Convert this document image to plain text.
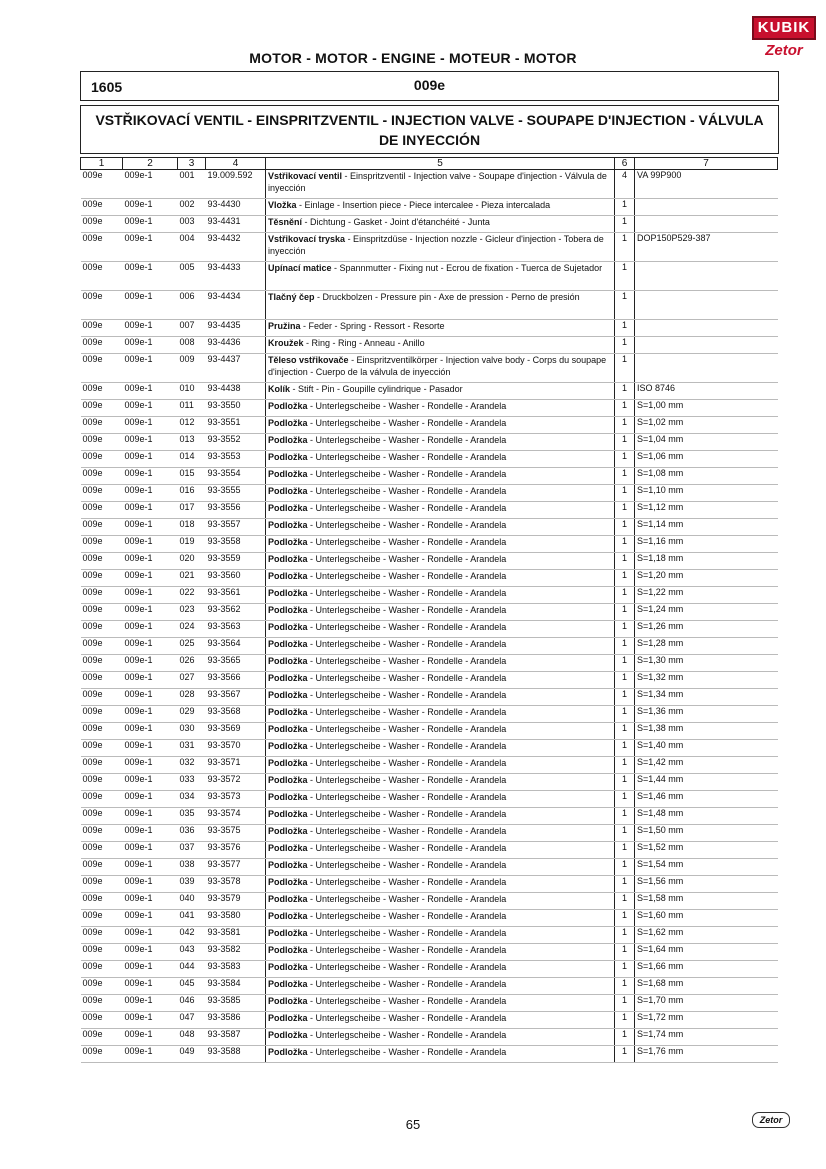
KUBIK
Zetor
MOTOR - MOTOR - ENGINE - MOTEUR - MOTOR
009e
1605
VSTŘIKOVACÍ VENTIL - EINSPRITZVENTIL - INJECTION VALVE - SOUPAPE D'INJECTION - VÁLVULA DE INYECCIÓN
1	2	3	4	5	6	7
009e	009e-1	001	19.009.592	Vstřikovací ventil - Einspritzventil - Injection valve - Soupape d'injection - Válvula de inyección	4	VA 99P900
009e	009e-1	002	93-4430	Vložka - Einlage - Insertion piece - Piece intercalee - Pieza intercalada	1	
009e	009e-1	003	93-4431	Těsnění - Dichtung - Gasket - Joint d'étanchéité - Junta	1	
009e	009e-1	004	93-4432	Vstřikovací tryska - Einspritzdüse - Injection nozzle - Gicleur d'injection - Tobera de inyección	1	DOP150P529-387
009e	009e-1	005	93-4433	Upínací matice - Spannmutter - Fixing nut - Ecrou de fixation - Tuerca de Sujetador	1	
009e	009e-1	006	93-4434	Tlačný čep - Druckbolzen - Pressure pin - Axe de pression - Perno de presión	1	
009e	009e-1	007	93-4435	Pružina - Feder - Spring - Ressort - Resorte	1	
009e	009e-1	008	93-4436	Kroužek - Ring - Ring - Anneau - Anillo	1	
009e	009e-1	009	93-4437	Těleso vstřikovače - Einspritzventilkörper - Injection valve body - Corps du soupape d'injection - Cuerpo de la válvula de inyección	1	
009e	009e-1	010	93-4438	Kolík - Stift - Pin - Goupille cylindrique - Pasador	1	ISO 8746
009e	009e-1	011	93-3550	Podložka - Unterlegscheibe - Washer - Rondelle - Arandela	1	S=1,00 mm
009e	009e-1	012	93-3551	Podložka - Unterlegscheibe - Washer - Rondelle - Arandela	1	S=1,02 mm
009e	009e-1	013	93-3552	Podložka - Unterlegscheibe - Washer - Rondelle - Arandela	1	S=1,04 mm
009e	009e-1	014	93-3553	Podložka - Unterlegscheibe - Washer - Rondelle - Arandela	1	S=1,06 mm
009e	009e-1	015	93-3554	Podložka - Unterlegscheibe - Washer - Rondelle - Arandela	1	S=1,08 mm
009e	009e-1	016	93-3555	Podložka - Unterlegscheibe - Washer - Rondelle - Arandela	1	S=1,10 mm
009e	009e-1	017	93-3556	Podložka - Unterlegscheibe - Washer - Rondelle - Arandela	1	S=1,12 mm
009e	009e-1	018	93-3557	Podložka - Unterlegscheibe - Washer - Rondelle - Arandela	1	S=1,14 mm
009e	009e-1	019	93-3558	Podložka - Unterlegscheibe - Washer - Rondelle - Arandela	1	S=1,16 mm
009e	009e-1	020	93-3559	Podložka - Unterlegscheibe - Washer - Rondelle - Arandela	1	S=1,18 mm
009e	009e-1	021	93-3560	Podložka - Unterlegscheibe - Washer - Rondelle - Arandela	1	S=1,20 mm
009e	009e-1	022	93-3561	Podložka - Unterlegscheibe - Washer - Rondelle - Arandela	1	S=1,22 mm
009e	009e-1	023	93-3562	Podložka - Unterlegscheibe - Washer - Rondelle - Arandela	1	S=1,24 mm
009e	009e-1	024	93-3563	Podložka - Unterlegscheibe - Washer - Rondelle - Arandela	1	S=1,26 mm
009e	009e-1	025	93-3564	Podložka - Unterlegscheibe - Washer - Rondelle - Arandela	1	S=1,28 mm
009e	009e-1	026	93-3565	Podložka - Unterlegscheibe - Washer - Rondelle - Arandela	1	S=1,30 mm
009e	009e-1	027	93-3566	Podložka - Unterlegscheibe - Washer - Rondelle - Arandela	1	S=1,32 mm
009e	009e-1	028	93-3567	Podložka - Unterlegscheibe - Washer - Rondelle - Arandela	1	S=1,34 mm
009e	009e-1	029	93-3568	Podložka - Unterlegscheibe - Washer - Rondelle - Arandela	1	S=1,36 mm
009e	009e-1	030	93-3569	Podložka - Unterlegscheibe - Washer - Rondelle - Arandela	1	S=1,38 mm
009e	009e-1	031	93-3570	Podložka - Unterlegscheibe - Washer - Rondelle - Arandela	1	S=1,40 mm
009e	009e-1	032	93-3571	Podložka - Unterlegscheibe - Washer - Rondelle - Arandela	1	S=1,42 mm
009e	009e-1	033	93-3572	Podložka - Unterlegscheibe - Washer - Rondelle - Arandela	1	S=1,44 mm
009e	009e-1	034	93-3573	Podložka - Unterlegscheibe - Washer - Rondelle - Arandela	1	S=1,46 mm
009e	009e-1	035	93-3574	Podložka - Unterlegscheibe - Washer - Rondelle - Arandela	1	S=1,48 mm
009e	009e-1	036	93-3575	Podložka - Unterlegscheibe - Washer - Rondelle - Arandela	1	S=1,50 mm
009e	009e-1	037	93-3576	Podložka - Unterlegscheibe - Washer - Rondelle - Arandela	1	S=1,52 mm
009e	009e-1	038	93-3577	Podložka - Unterlegscheibe - Washer - Rondelle - Arandela	1	S=1,54 mm
009e	009e-1	039	93-3578	Podložka - Unterlegscheibe - Washer - Rondelle - Arandela	1	S=1,56 mm
009e	009e-1	040	93-3579	Podložka - Unterlegscheibe - Washer - Rondelle - Arandela	1	S=1,58 mm
009e	009e-1	041	93-3580	Podložka - Unterlegscheibe - Washer - Rondelle - Arandela	1	S=1,60 mm
009e	009e-1	042	93-3581	Podložka - Unterlegscheibe - Washer - Rondelle - Arandela	1	S=1,62 mm
009e	009e-1	043	93-3582	Podložka - Unterlegscheibe - Washer - Rondelle - Arandela	1	S=1,64 mm
009e	009e-1	044	93-3583	Podložka - Unterlegscheibe - Washer - Rondelle - Arandela	1	S=1,66 mm
009e	009e-1	045	93-3584	Podložka - Unterlegscheibe - Washer - Rondelle - Arandela	1	S=1,68 mm
009e	009e-1	046	93-3585	Podložka - Unterlegscheibe - Washer - Rondelle - Arandela	1	S=1,70 mm
009e	009e-1	047	93-3586	Podložka - Unterlegscheibe - Washer - Rondelle - Arandela	1	S=1,72 mm
009e	009e-1	048	93-3587	Podložka - Unterlegscheibe - Washer - Rondelle - Arandela	1	S=1,74 mm
009e	009e-1	049	93-3588	Podložka - Unterlegscheibe - Washer - Rondelle - Arandela	1	S=1,76 mm
65	Zetor
